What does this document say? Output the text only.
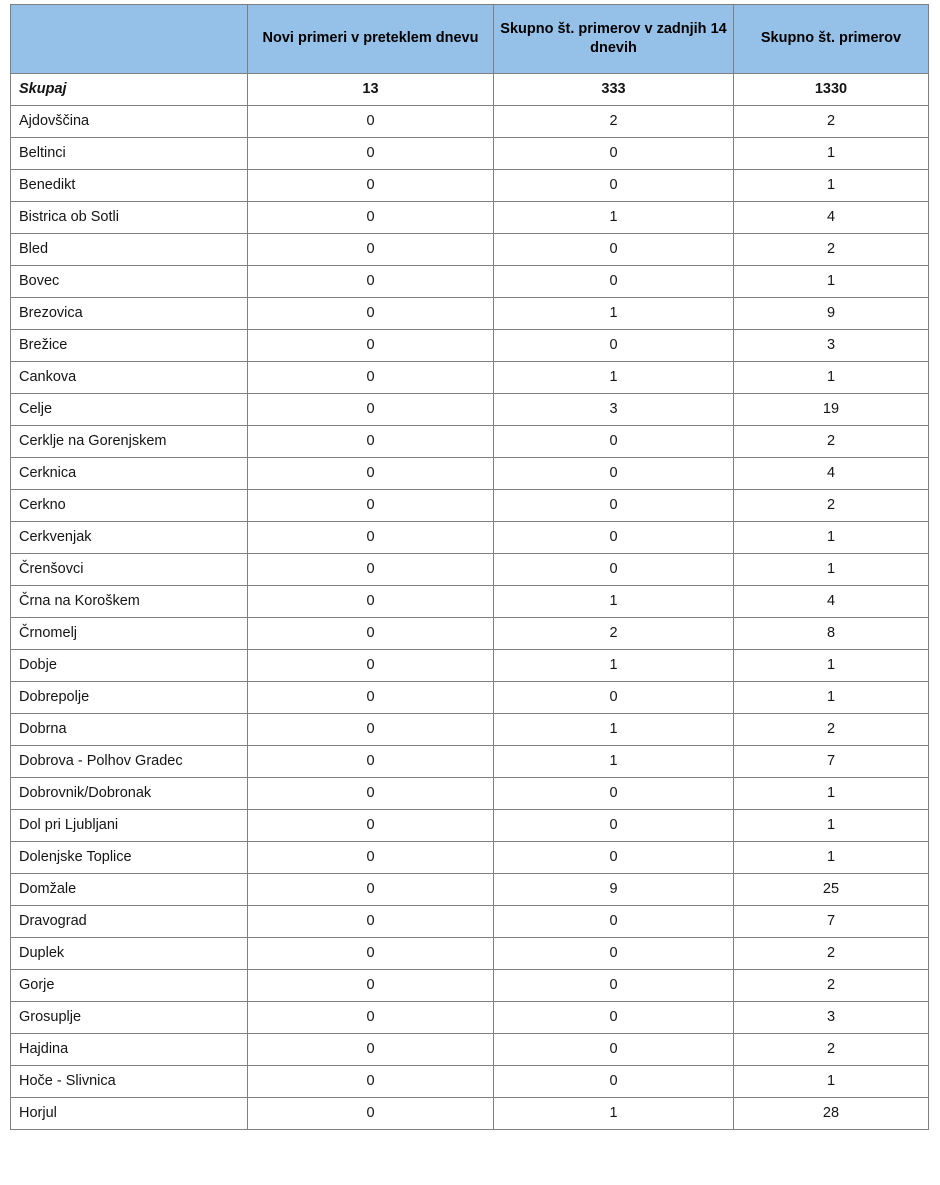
	Novi primeri v preteklem dnevu	Skupno št. primerov v zadnjih 14 dnevih	Skupno št. primerov
Skupaj	13	333	1330
Ajdovščina	0	2	2
Beltinci	0	0	1
Benedikt	0	0	1
Bistrica ob Sotli	0	1	4
Bled	0	0	2
Bovec	0	0	1
Brezovica	0	1	9
Brežice	0	0	3
Cankova	0	1	1
Celje	0	3	19
Cerklje na Gorenjskem	0	0	2
Cerknica	0	0	4
Cerkno	0	0	2
Cerkvenjak	0	0	1
Črenšovci	0	0	1
Črna na Koroškem	0	1	4
Črnomelj	0	2	8
Dobje	0	1	1
Dobrepolje	0	0	1
Dobrna	0	1	2
Dobrova - Polhov Gradec	0	1	7
Dobrovnik/Dobronak	0	0	1
Dol pri Ljubljani	0	0	1
Dolenjske Toplice	0	0	1
Domžale	0	9	25
Dravograd	0	0	7
Duplek	0	0	2
Gorje	0	0	2
Grosuplje	0	0	3
Hajdina	0	0	2
Hoče - Slivnica	0	0	1
Horjul	0	1	28
